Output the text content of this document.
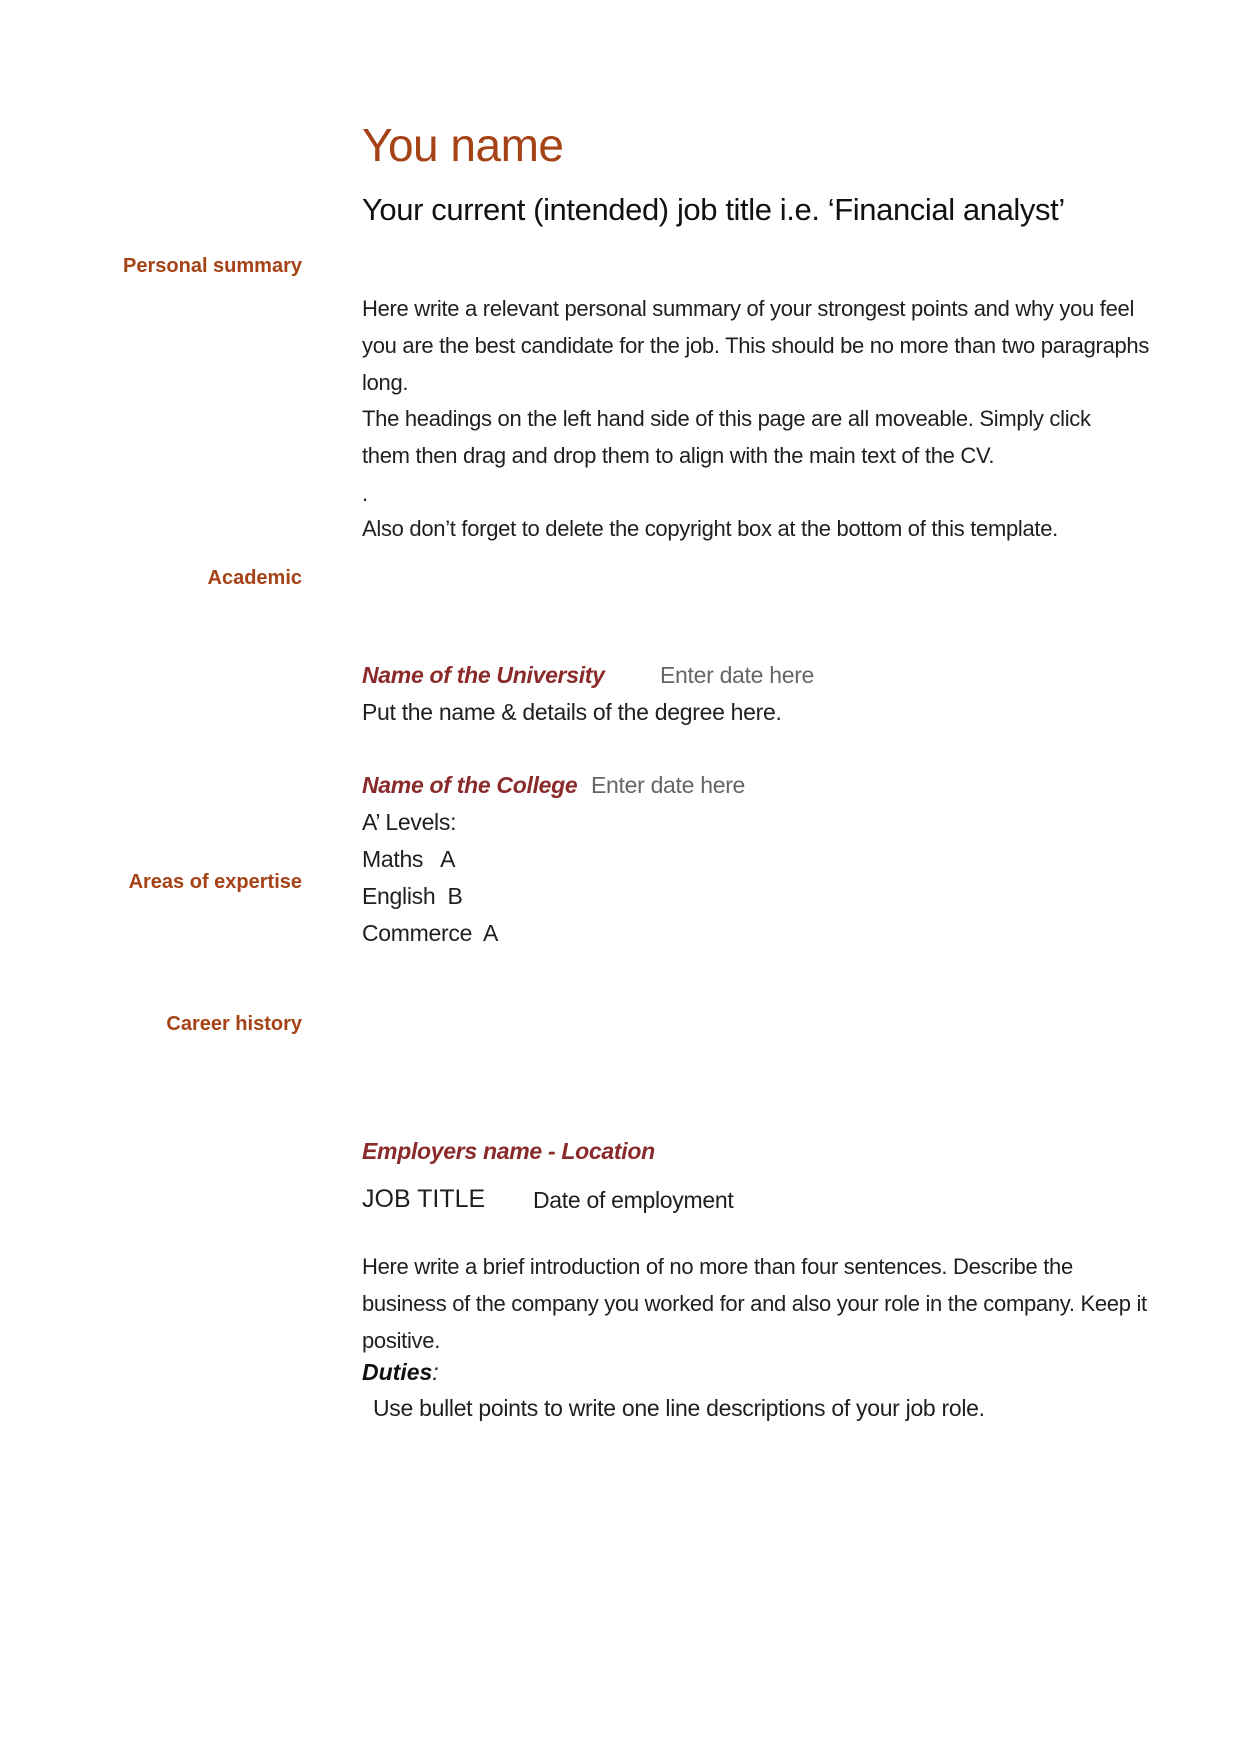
You name
Your current (intended) job title i.e. ‘Financial analyst’
Personal summary
Academic
Areas of expertise
Career history
Here write a relevant personal summary of your strongest points and why you feel you are the best candidate for the job. This should be no more than two paragraphs long.
The headings on the left hand side of this page are all moveable. Simply click them then drag and drop them to align with the main text of the CV.
.
Also don’t forget to delete the copyright box at the bottom of this template.
Name of the University Enter date here
Put the name & details of the degree here.
Name of the College Enter date here
A’ Levels:
Maths   A
English  B
Commerce  A
Employers name - Location
JOB TITLE Date of employment
Here write a brief introduction of no more than four sentences. Describe the business of the company you worked for and also your role in the company. Keep it positive.
Duties:
Use bullet points to write one line descriptions of your job role.
